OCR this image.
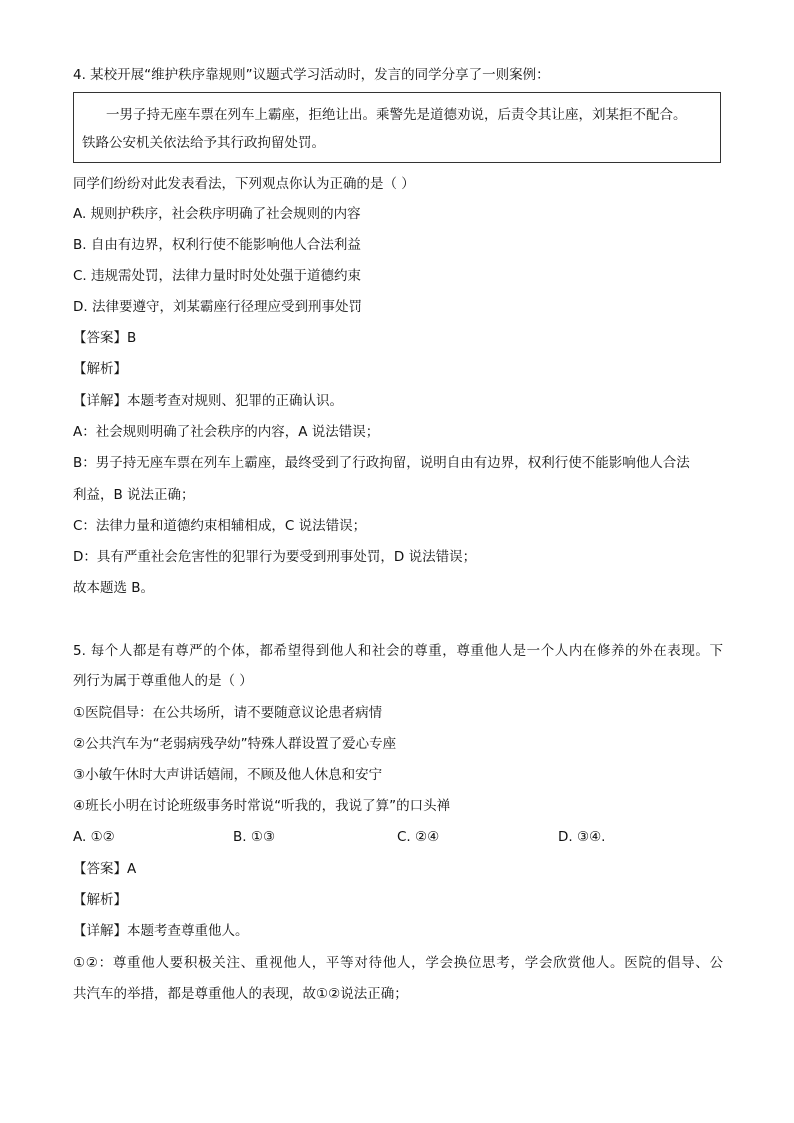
4. 某校开展“维护秩序靠规则”议题式学习活动时，发言的同学分享了一则案例：
一男子持无座车票在列车上霸座，拒绝让出。乘警先是道德劝说，后责令其让座，刘某拒不配合。
铁路公安机关依法给予其行政拘留处罚。
同学们纷纷对此发表看法，下列观点你认为正确的是（ ）
A. 规则护秩序，社会秩序明确了社会规则的内容
B. 自由有边界，权利行使不能影响他人合法利益
C. 违规需处罚，法律力量时时处处强于道德约束
D. 法律要遵守，刘某霸座行径理应受到刑事处罚
【答案】B
【解析】
【详解】本题考查对规则、犯罪的正确认识。
A：社会规则明确了社会秩序的内容，A 说法错误；
B：男子持无座车票在列车上霸座，最终受到了行政拘留，说明自由有边界，权利行使不能影响他人合法
利益，B 说法正确；
C：法律力量和道德约束相辅相成，C 说法错误；
D：具有严重社会危害性的犯罪行为要受到刑事处罚，D 说法错误；
故本题选 B。
5. 每个人都是有尊严的个体，都希望得到他人和社会的尊重，尊重他人是一个人内在修养的外在表现。下
列行为属于尊重他人的是（ ）
①医院倡导：在公共场所，请不要随意议论患者病情
②公共汽车为“老弱病残孕幼”特殊人群设置了爱心专座
③小敏午休时大声讲话嬉闹，不顾及他人休息和安宁
④班长小明在讨论班级事务时常说“听我的，我说了算”的口头禅
A. ①②	B. ①③	C. ②④	D. ③④.
【答案】A
【解析】
【详解】本题考查尊重他人。
①②：尊重他人要积极关注、重视他人，平等对待他人，学会换位思考，学会欣赏他人。医院的倡导、公
共汽车的举措，都是尊重他人的表现，故①②说法正确；
